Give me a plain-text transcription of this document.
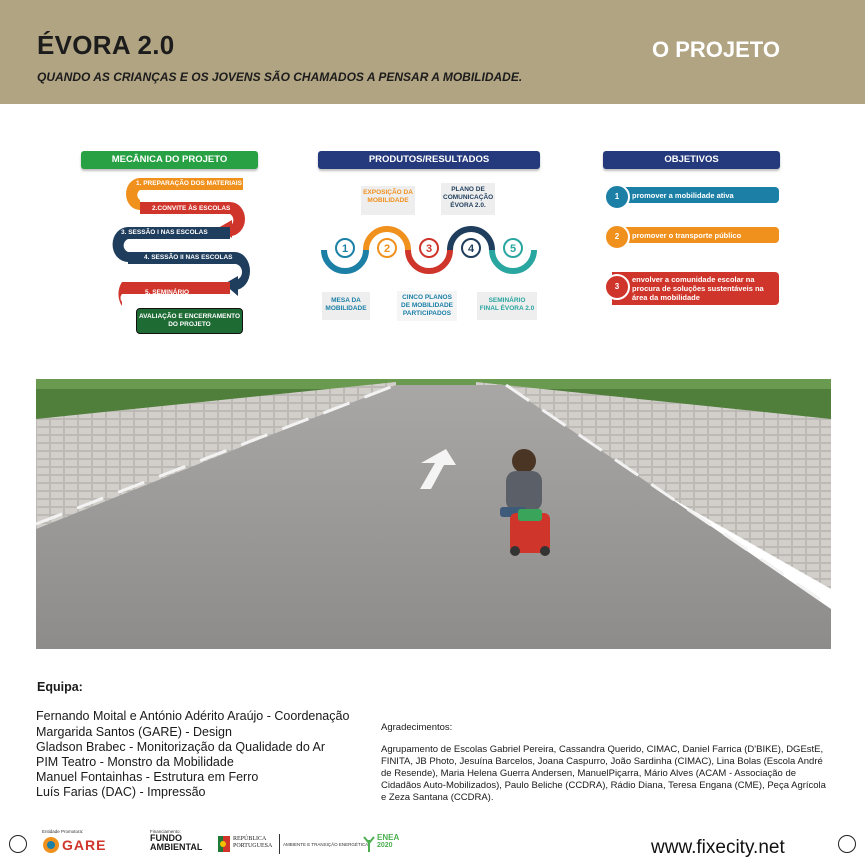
ÉVORA 2.0
QUANDO AS CRIANÇAS E OS JOVENS SÃO CHAMADOS A PENSAR A MOBILIDADE.
O PROJETO
MECÂNICA DO PROJETO
1. PREPARAÇÃO DOS MATERIAIS
2.CONVITE ÀS ESCOLAS
3. SESSÃO I NAS ESCOLAS
4. SESSÃO II NAS ESCOLAS
5. SEMINÁRIO
AVALIAÇÃO E ENCERRAMENTO DO PROJETO
PRODUTOS/RESULTADOS
EXPOSIÇÃO DA MOBILIDADE
PLANO DE COMUNICAÇÃO ÉVORA 2.0.
1	2	3	4	5
MESA DA MOBILIDADE
CINCO PLANOS DE MOBILIDADE PARTICIPADOS
SEMINÁRIO FINAL ÉVORA 2.0
OBJETIVOS
1	promover a mobilidade ativa
2	promover o transporte público
3
envolver a comunidade escolar na procura de soluções sustentáveis na área da mobilidade
Equipa:
Fernando Moital e António Adérito Araújo - Coordenação
Margarida Santos (GARE) - Design
Gladson Brabec - Monitorização da Qualidade do Ar
PIM Teatro - Monstro da Mobilidade
Manuel Fontainhas - Estrutura em Ferro
Luís Farias (DAC) - Impressão
Agradecimentos:
Agrupamento de Escolas Gabriel Pereira, Cassandra Querido, CIMAC, Daniel Farrica (D'BIKE), DGEstE, FINITA, JB Photo, Jesuína Barcelos, Joana Caspurro, João Sardinha (CIMAC), Lina Bolas (Escola André de Resende), Maria Helena Guerra Andersen, ManuelPiçarra, Mário Alves (ACAM - Associação de Cidadãos Auto-Mobilizados), Paulo Beliche (CCDRA), Rádio Diana, Teresa Engana (CME), Peça Agrícola e Zeza Santana (CCDRA).
Entidade Promotora:
GARE
Financiamento:
FUNDO
AMBIENTAL
REPÚBLICA
PORTUGUESA AMBIENTE E TRANSIÇÃO ENERGÉTICA
ENEA
2020	www.fixecity.net
